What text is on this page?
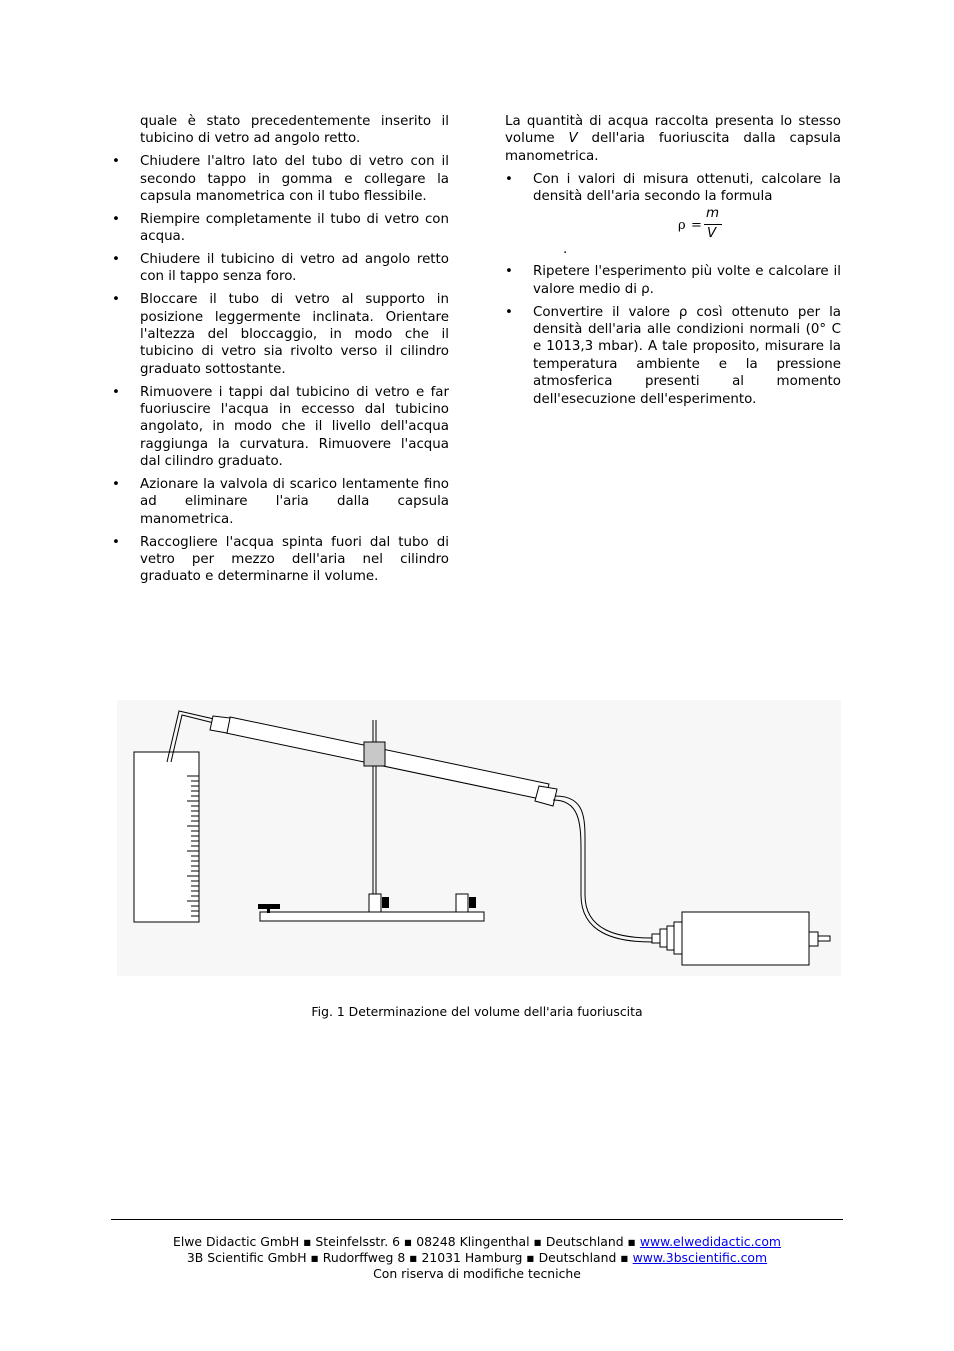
quale è stato precedentemente inserito il tubicino di vetro ad angolo retto.

• Chiudere l'altro lato del tubo di vetro con il secondo tappo in gomma e collegare la capsula manometrica con il tubo flessibile.
• Riempire completamente il tubo di vetro con acqua.
• Chiudere il tubicino di vetro ad angolo retto con il tappo senza foro.
• Bloccare il tubo di vetro al supporto in posizione leggermente inclinata. Orientare l'altezza del bloccaggio, in modo che il tubicino di vetro sia rivolto verso il cilindro graduato sottostante.
• Rimuovere i tappi dal tubicino di vetro e far fuoriuscire l'acqua in eccesso dal tubicino angolato, in modo che il livello dell'acqua raggiunga la curvatura. Rimuovere l'acqua dal cilindro graduato.
• Azionare la valvola di scarico lentamente fino ad eliminare l'aria dalla capsula manometrica.
• Raccogliere l'acqua spinta fuori dal tubo di vetro per mezzo dell'aria nel cilindro graduato e determinarne il volume.

La quantità di acqua raccolta presenta lo stesso volume V dell'aria fuoriuscita dalla capsula manometrica.

• Con i valori di misura ottenuti, calcolare la densità dell'aria secondo la formula
ρ =
m
V
.
• Ripetere l'esperimento più volte e calcolare il valore medio di ρ.
• Convertire il valore ρ così ottenuto per la densità dell'aria alle condizioni normali (0° C e 1013,3 mbar). A tale proposito, misurare la temperatura ambiente e la pressione atmosferica presenti al momento dell'esecuzione dell'esperimento.
Fig. 1 Determinazione del volume dell'aria fuoriuscita
Elwe Didactic GmbH ▪ Steinfelsstr. 6 ▪ 08248 Klingenthal ▪ Deutschland ▪ www.elwedidactic.com
3B Scientific GmbH ▪ Rudorffweg 8 ▪ 21031 Hamburg ▪ Deutschland ▪ www.3bscientific.com
Con riserva di modifiche tecniche
